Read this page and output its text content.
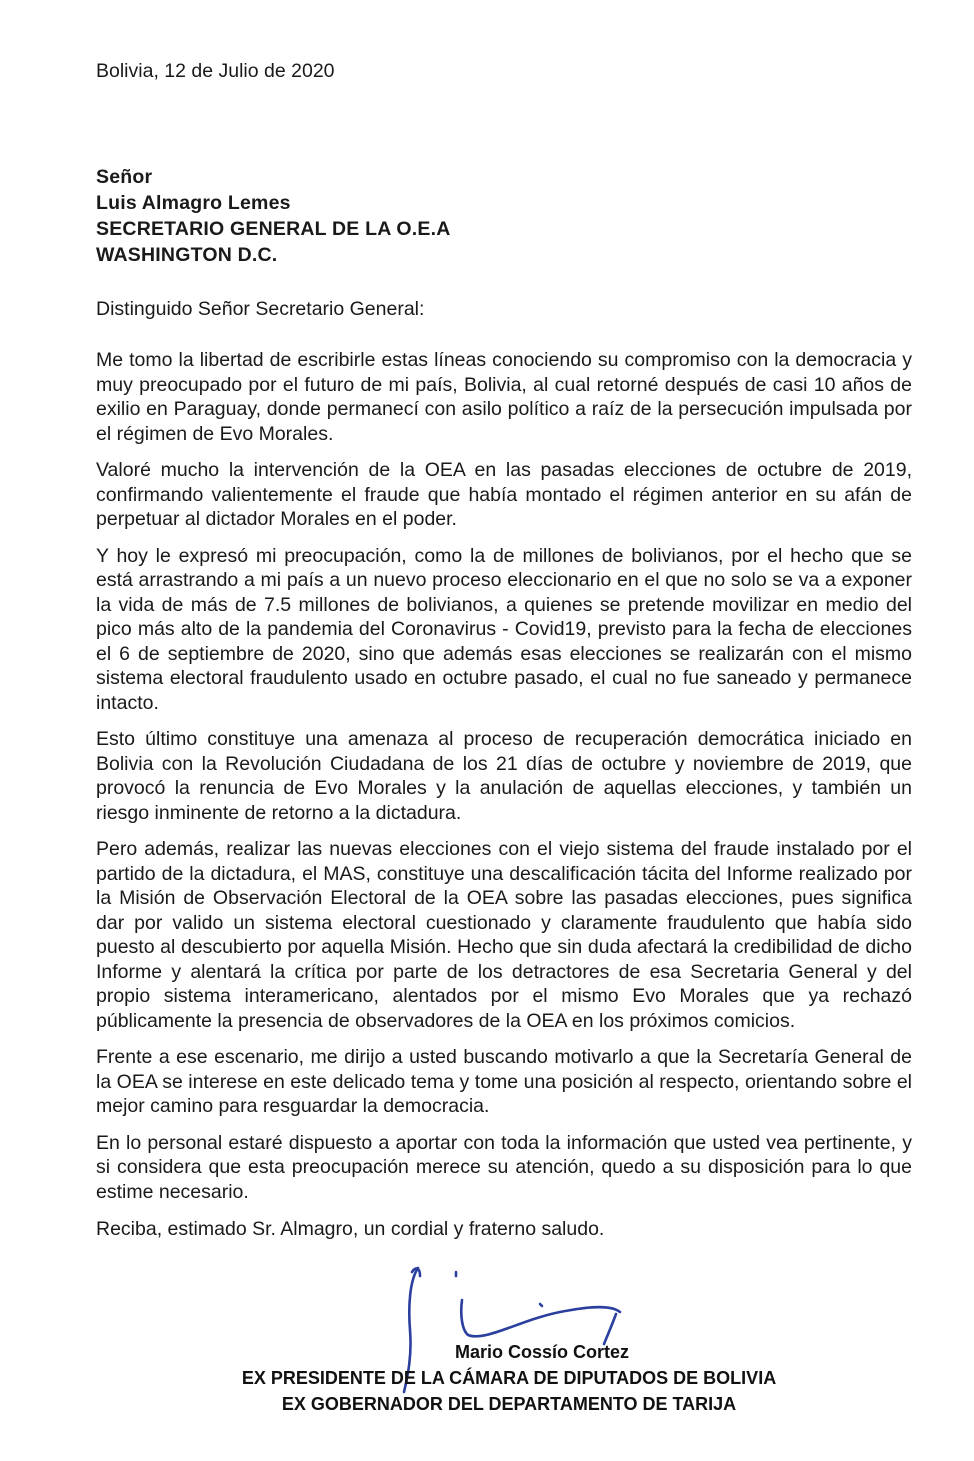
Bolivia, 12 de Julio de 2020

Señor
Luis Almagro Lemes
SECRETARIO GENERAL DE LA O.E.A
WASHINGTON D.C.
Distinguido Señor Secretario General:

Me tomo la libertad de escribirle estas líneas conociendo su compromiso con la democracia y muy preocupado por el futuro de mi país, Bolivia, al cual retorné después de casi 10 años de exilio en Paraguay, donde permanecí con asilo político a raíz de la persecución impulsada por el régimen de Evo Morales.

Valoré mucho la intervención de la OEA en las pasadas elecciones de octubre de 2019, confirmando valientemente el fraude que había montado el régimen anterior en su afán de perpetuar al dictador Morales en el poder.

Y hoy le expresó mi preocupación, como la de millones de bolivianos, por el hecho que se está arrastrando a mi país a un nuevo proceso eleccionario en el que no solo se va a exponer la vida de más de 7.5 millones de bolivianos, a quienes se pretende movilizar en medio del pico más alto de la pandemia del Coronavirus - Covid19, previsto para la fecha de elecciones el 6 de septiembre de 2020, sino que además esas elecciones se realizarán con el mismo sistema electoral fraudulento usado en octubre pasado, el cual no fue saneado y permanece intacto.

Esto último constituye una amenaza al proceso de recuperación democrática iniciado en Bolivia con la Revolución Ciudadana de los 21 días de octubre y noviembre de 2019, que provocó la renuncia de Evo Morales y la anulación de aquellas elecciones, y también un riesgo inminente de retorno a la dictadura.

Pero además, realizar las nuevas elecciones con el viejo sistema del fraude instalado por el partido de la dictadura, el MAS, constituye una descalificación tácita del Informe realizado por la Misión de Observación Electoral de la OEA sobre las pasadas elecciones, pues significa dar por valido un sistema electoral cuestionado y claramente fraudulento que había sido puesto al descubierto por aquella Misión. Hecho que sin duda afectará la credibilidad de dicho Informe y alentará la crítica por parte de los detractores de esa Secretaria General y del propio sistema interamericano, alentados por el mismo Evo Morales que ya rechazó públicamente la presencia de observadores de la OEA en los próximos comicios.

Frente a ese escenario, me dirijo a usted buscando motivarlo a que la Secretaría General de la OEA se interese en este delicado tema y tome una posición al respecto, orientando sobre el mejor camino para resguardar la democracia.

En lo personal estaré dispuesto a aportar con toda la información que usted vea pertinente, y si considera que esta preocupación merece su atención, quedo a su disposición para lo que estime necesario.

Reciba, estimado Sr. Almagro, un cordial y fraterno saludo.
Mario Cossío Cortez
EX PRESIDENTE DE LA CÁMARA DE DIPUTADOS DE BOLIVIA
EX GOBERNADOR DEL DEPARTAMENTO DE TARIJA
